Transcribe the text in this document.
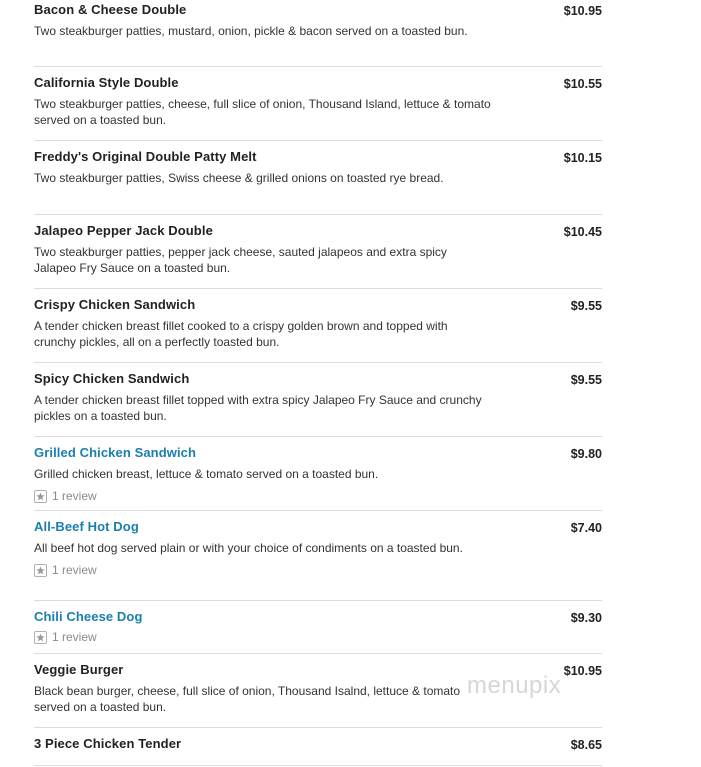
$10.95
Bacon & Cheese Double
Two steakburger patties, mustard, onion, pickle & bacon served on a toasted bun.
$10.55
California Style Double
Two steakburger patties, cheese, full slice of onion, Thousand Island, lettuce & tomato served on a toasted bun.
$10.15
Freddy's Original Double Patty Melt
Two steakburger patties, Swiss cheese & grilled onions on toasted rye bread.
$10.45
Jalapeo Pepper Jack Double
Two steakburger patties, pepper jack cheese, sauted jalapeos and extra spicy Jalapeo Fry Sauce on a toasted bun.
$9.55
Crispy Chicken Sandwich
A tender chicken breast fillet cooked to a crispy golden brown and topped with crunchy pickles, all on a perfectly toasted bun.
$9.55
Spicy Chicken Sandwich
A tender chicken breast fillet topped with extra spicy Jalapeo Fry Sauce and crunchy pickles on a toasted bun.
$9.80
Grilled Chicken Sandwich
Grilled chicken breast, lettuce & tomato served on a toasted bun.
1 review
$7.40
All-Beef Hot Dog
All beef hot dog served plain or with your choice of condiments on a toasted bun.
1 review
$9.30
Chili Cheese Dog
1 review
$10.95
Veggie Burger
Black bean burger, cheese, full slice of onion, Thousand Isalnd, lettuce & tomato served on a toasted bun.
$8.65
3 Piece Chicken Tender
menupix
